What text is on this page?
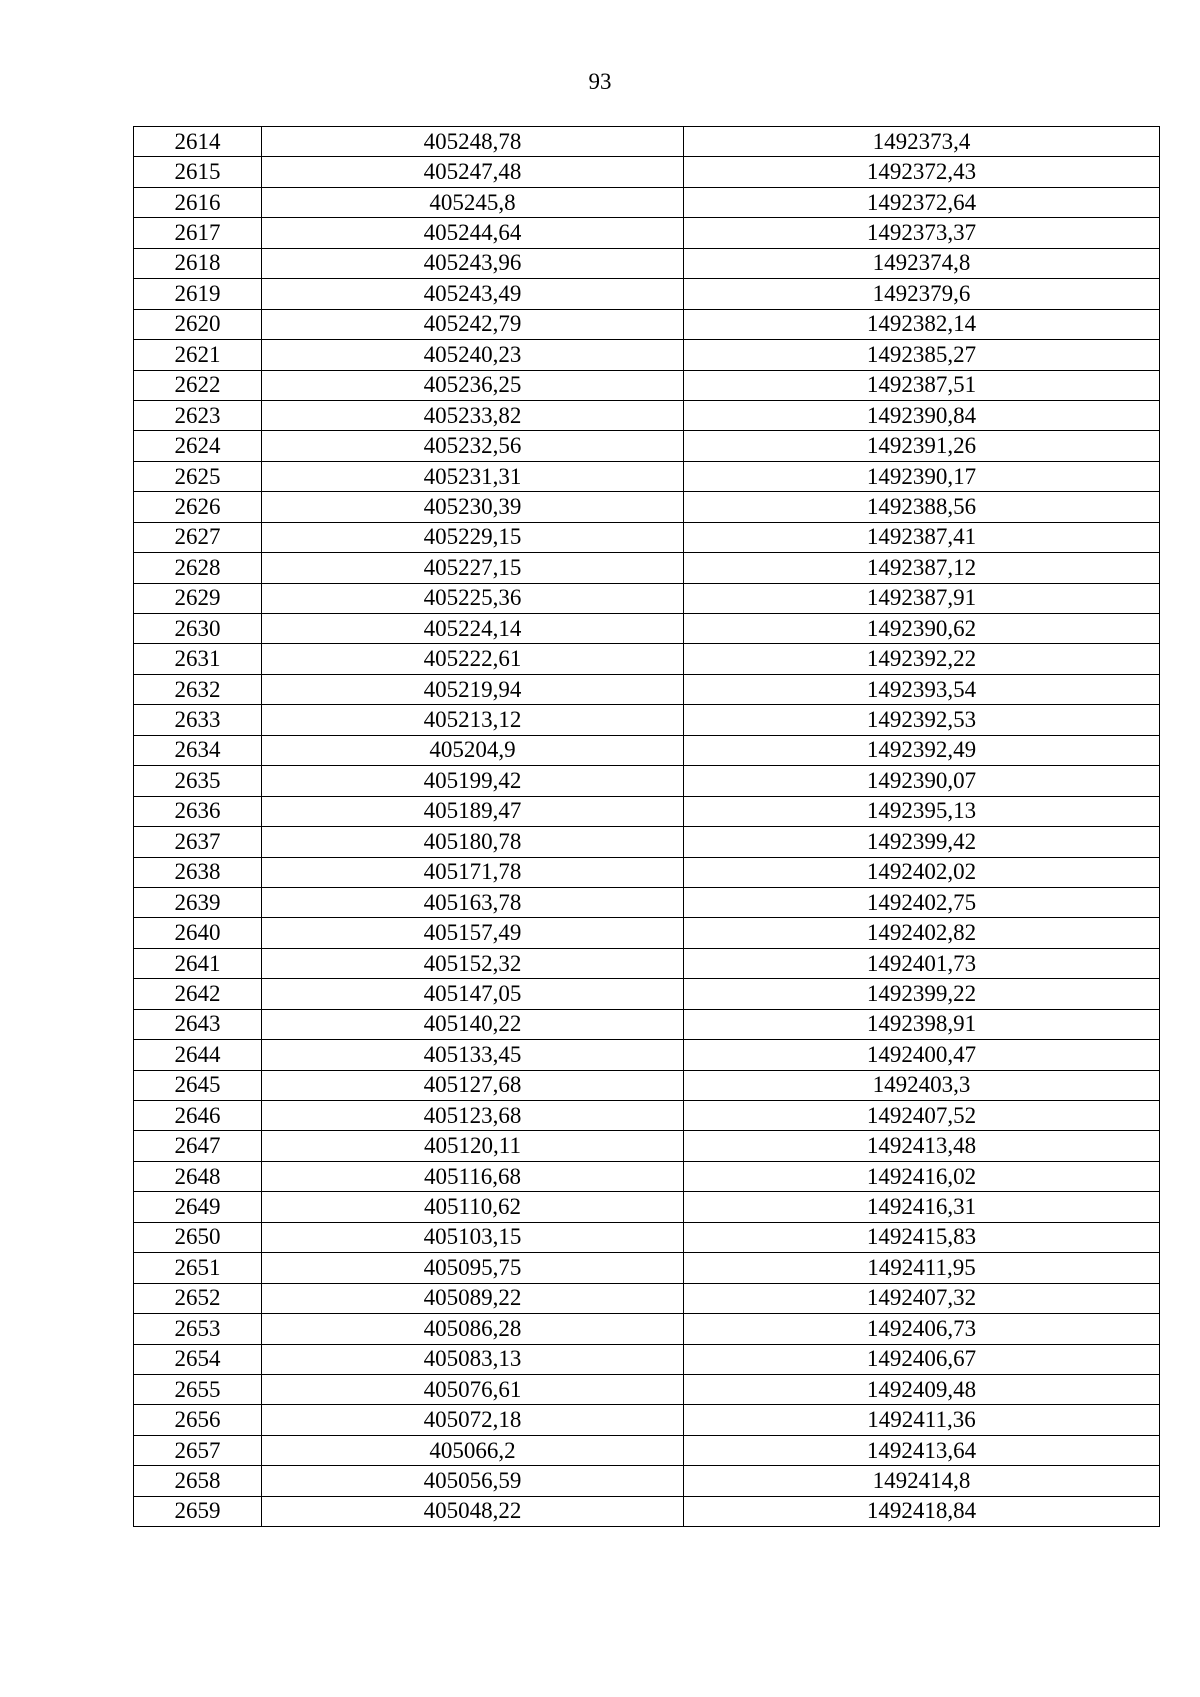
93
2614	405248,78	1492373,4
2615	405247,48	1492372,43
2616	405245,8	1492372,64
2617	405244,64	1492373,37
2618	405243,96	1492374,8
2619	405243,49	1492379,6
2620	405242,79	1492382,14
2621	405240,23	1492385,27
2622	405236,25	1492387,51
2623	405233,82	1492390,84
2624	405232,56	1492391,26
2625	405231,31	1492390,17
2626	405230,39	1492388,56
2627	405229,15	1492387,41
2628	405227,15	1492387,12
2629	405225,36	1492387,91
2630	405224,14	1492390,62
2631	405222,61	1492392,22
2632	405219,94	1492393,54
2633	405213,12	1492392,53
2634	405204,9	1492392,49
2635	405199,42	1492390,07
2636	405189,47	1492395,13
2637	405180,78	1492399,42
2638	405171,78	1492402,02
2639	405163,78	1492402,75
2640	405157,49	1492402,82
2641	405152,32	1492401,73
2642	405147,05	1492399,22
2643	405140,22	1492398,91
2644	405133,45	1492400,47
2645	405127,68	1492403,3
2646	405123,68	1492407,52
2647	405120,11	1492413,48
2648	405116,68	1492416,02
2649	405110,62	1492416,31
2650	405103,15	1492415,83
2651	405095,75	1492411,95
2652	405089,22	1492407,32
2653	405086,28	1492406,73
2654	405083,13	1492406,67
2655	405076,61	1492409,48
2656	405072,18	1492411,36
2657	405066,2	1492413,64
2658	405056,59	1492414,8
2659	405048,22	1492418,84
